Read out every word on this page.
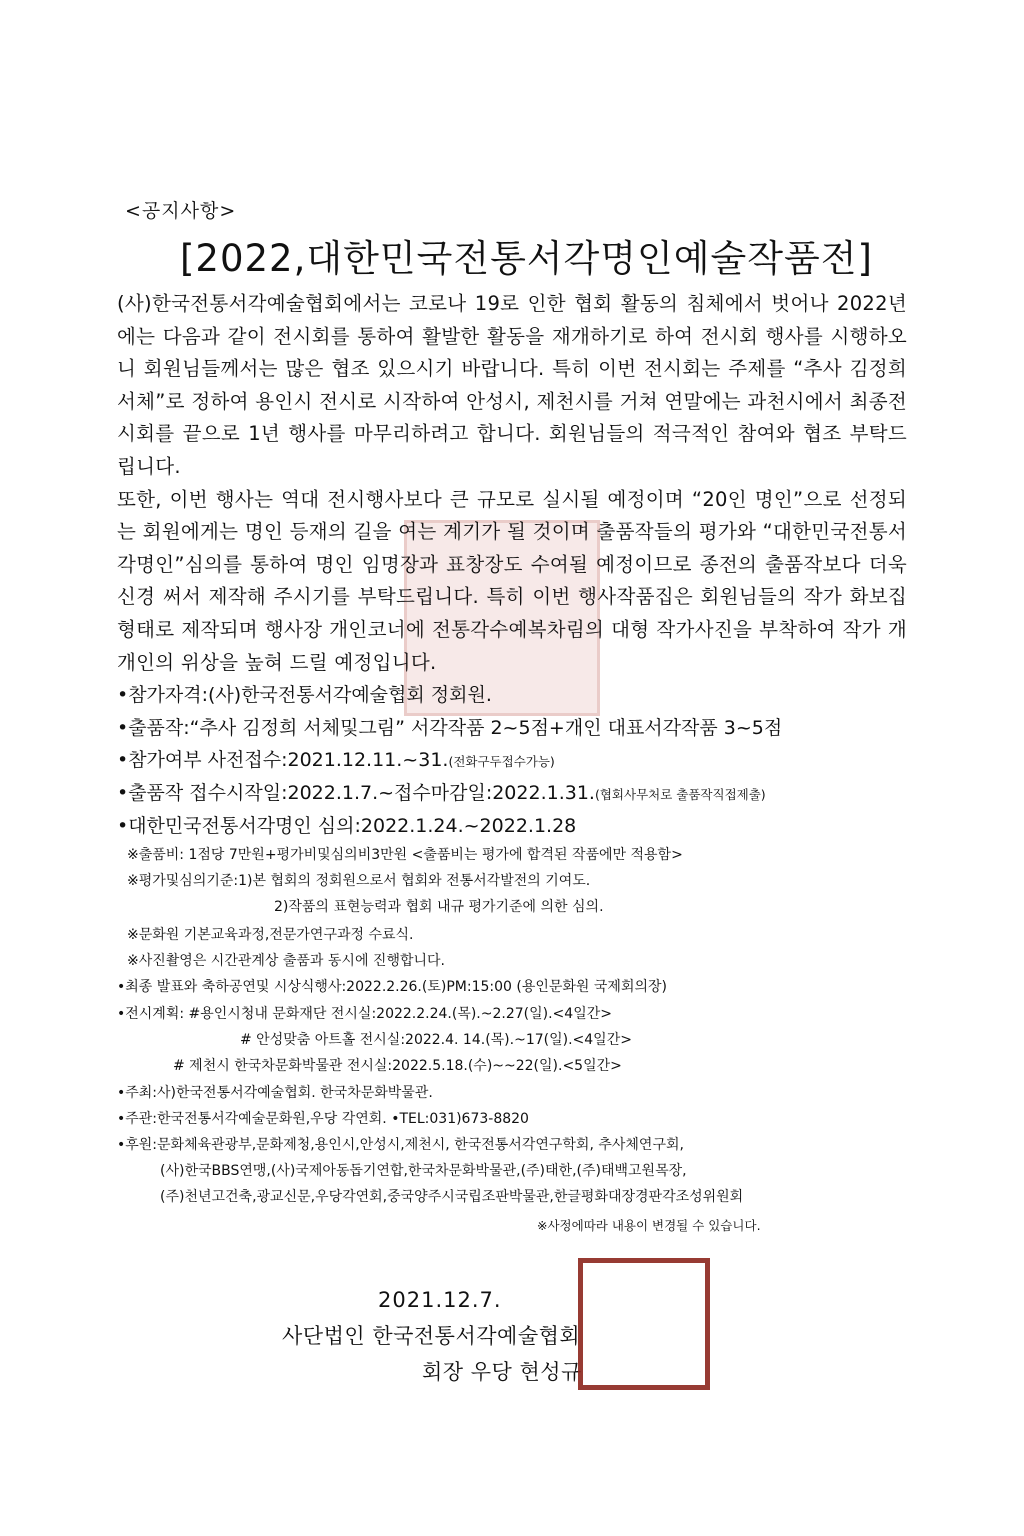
<공지사항>
[2022,대한민국전통서각명인예술작품전]

(사)한국전통서각예술협회에서는 코로나 19로 인한 협회 활동의 침체에서 벗어나 2022년에는 다음과 같이 전시회를 통하여 활발한 활동을 재개하기로 하여 전시회 행사를 시행하오니 회원님들께서는 많은 협조 있으시기 바랍니다. 특히 이번 전시회는 주제를 “추사 김정희 서체”로 정하여 용인시 전시로 시작하여 안성시, 제천시를 거쳐 연말에는 과천시에서 최종전시회를 끝으로 1년 행사를 마무리하려고 합니다. 회원님들의 적극적인 참여와 협조 부탁드립니다.

또한, 이번 행사는 역대 전시행사보다 큰 규모로 실시될 예정이며 “20인 명인”으로 선정되는 회원에게는 명인 등재의 길을 여는 계기가 될 것이며 출품작들의 평가와 “대한민국전통서각명인”심의를 통하여 명인 임명장과 표창장도 수여될 예정이므로 종전의 출품작보다 더욱 신경 써서 제작해 주시기를 부탁드립니다. 특히 이번 행사작품집은 회원님들의 작가 화보집 형태로 제작되며 행사장 개인코너에 전통각수예복차림의 대형 작가사진을 부착하여 작가 개개인의 위상을 높혀 드릴 예정입니다.

•참가자격:(사)한국전통서각예술협회 정회원.
•출품작:“추사 김정희 서체및그림” 서각작품 2~5점+개인 대표서각작품 3~5점
•참가여부 사전접수:2021.12.11.~31.(전화구두접수가능)
•출품작 접수시작일:2022.1.7.~접수마감일:2022.1.31.(협회사무처로 출품작직접제출)
•대한민국전통서각명인 심의:2022.1.24.~2022.1.28
※출품비: 1점당 7만원+평가비및심의비3만원 <출품비는 평가에 합격된 작품에만 적용함>
※평가및심의기준:1)본 협회의 정회원으로서 협회와 전통서각발전의 기여도.
2)작품의 표현능력과 협회 내규 평가기준에 의한 심의.
※문화원 기본교육과정,전문가연구과정 수료식.
※사진촬영은 시간관계상 출품과 동시에 진행합니다.
•최종 발표와 축하공연및 시상식행사:2022.2.26.(토)PM:15:00 (용인문화원 국제회의장)
•전시계획: #용인시청내 문화재단 전시실:2022.2.24.(목).~2.27(일).<4일간>
# 안성맞춤 아트홀 전시실:2022.4. 14.(목).~17(일).<4일간>
# 제천시 한국차문화박물관 전시실:2022.5.18.(수)~~22(일).<5일간>
•주최:사)한국전통서각예술협회. 한국차문화박물관.
•주관:한국전통서각예술문화원,우당 각연회. •TEL:031)673-8820
•후원:문화체육관광부,문화제청,용인시,안성시,제천시, 한국전통서각연구학회, 추사체연구회,
(사)한국BBS연맹,(사)국제아동돕기연합,한국차문화박물관,(주)태한,(주)태백고원목장,
(주)천년고건축,광교신문,우당각연회,중국양주시국립조판박물관,한글평화대장경판각조성위원회
※사정에따라 내용이 변경될 수 있습니다.
2021.12.7.
사단법인 한국전통서각예술협회
회장 우당 현성규
